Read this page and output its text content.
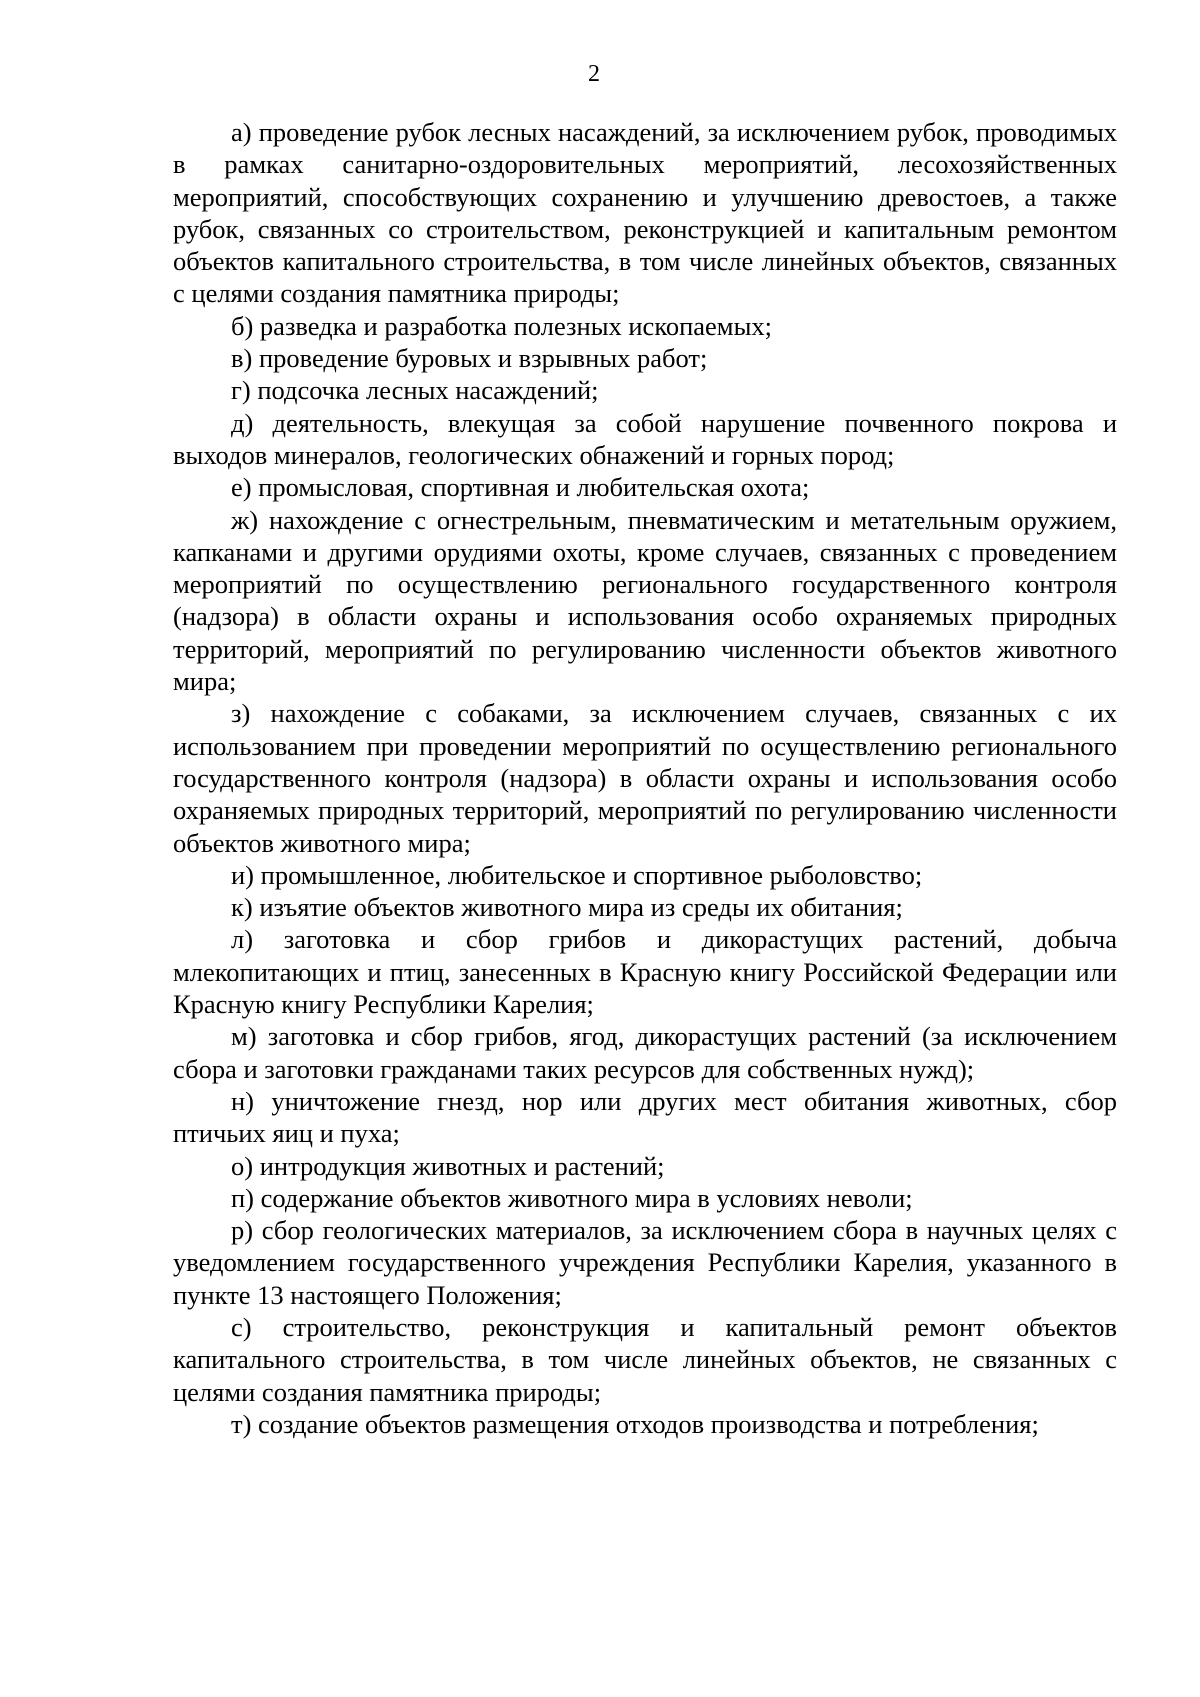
2

а) проведение рубок лесных насаждений, за исключением рубок, проводимых в рамках санитарно-оздоровительных мероприятий, лесохозяйственных мероприятий, способствующих сохранению и улучшению древостоев, а также рубок, связанных со строительством, реконструкцией и капитальным ремонтом объектов капитального строительства, в том числе линейных объектов, связанных с целями создания памятника природы;

б) разведка и разработка полезных ископаемых;

в) проведение буровых и взрывных работ;

г) подсочка лесных насаждений;

д) деятельность, влекущая за собой нарушение почвенного покрова и выходов минералов, геологических обнажений и горных пород;

е) промысловая, спортивная и любительская охота;

ж) нахождение с огнестрельным, пневматическим и метательным оружием, капканами и другими орудиями охоты, кроме случаев, связанных с проведением мероприятий по осуществлению регионального государственного контроля (надзора) в области охраны и использования особо охраняемых природных территорий, мероприятий по регулированию численности объектов животного мира;

з) нахождение с собаками, за исключением случаев, связанных с их использованием при проведении мероприятий по осуществлению регионального государственного контроля (надзора) в области охраны и использования особо охраняемых природных территорий, мероприятий по регулированию численности объектов животного мира;

и) промышленное, любительское и спортивное рыболовство;

к) изъятие объектов животного мира из среды их обитания;

л) заготовка и сбор грибов и дикорастущих растений, добыча млекопитающих и птиц, занесенных в Красную книгу Российской Федерации или Красную книгу Республики Карелия;

м) заготовка и сбор грибов, ягод, дикорастущих растений (за исключением сбора и заготовки гражданами таких ресурсов для собственных нужд);

н) уничтожение гнезд, нор или других мест обитания животных, сбор птичьих яиц и пуха;

о) интродукция животных и растений;

п) содержание объектов животного мира в условиях неволи;

р) сбор геологических материалов, за исключением сбора в научных целях с уведомлением государственного учреждения Республики Карелия, указанного в пункте 13 настоящего Положения;

с) строительство, реконструкция и капитальный ремонт объектов капитального строительства, в том числе линейных объектов, не связанных с целями создания памятника природы;

т) создание объектов размещения отходов производства и потребления;
